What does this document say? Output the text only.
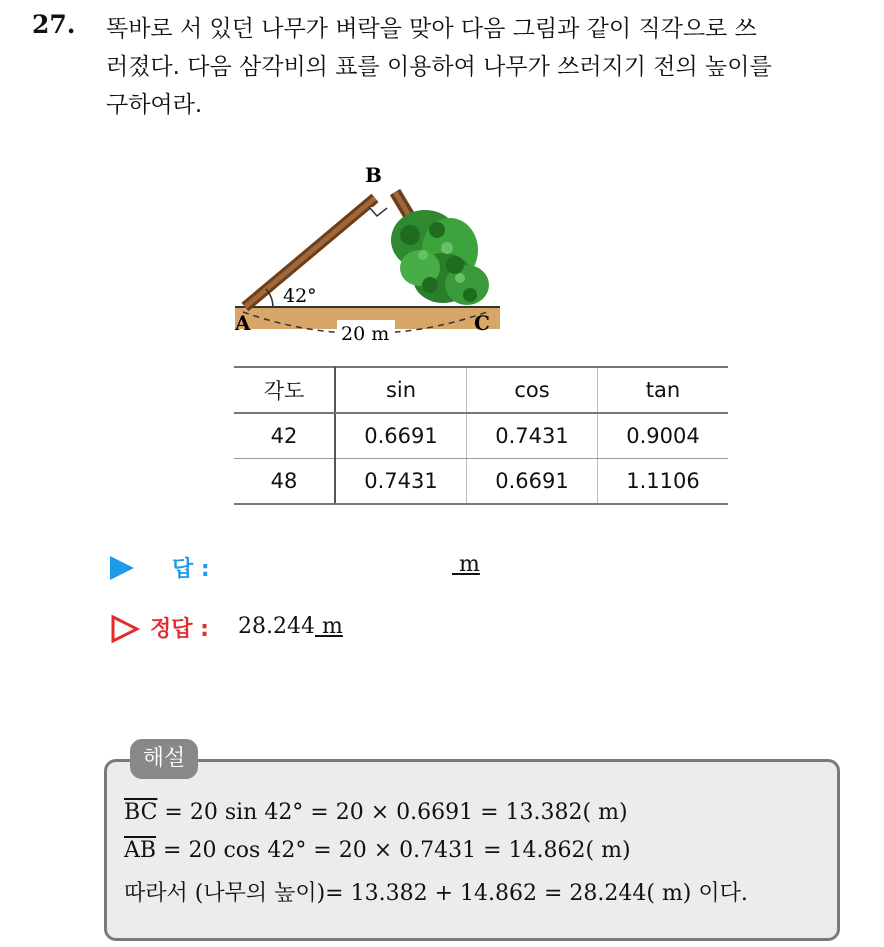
27. 똑바로 서 있던 나무가 벼락을 맞아 다음 그림과 같이 직각으로 쓰
러졌다. 다음 삼각비의 표를 이용하여 나무가 쓰러지기 전의 높이를
구하여라.
A
B
C
42°
20 m
각도	sin	cos	tan
42	0.6691	0.7431	0.9004
48	0.7431	0.6691	1.1106
답 :	m
정답 : 28.244 m
해설
$\overline{BC} = 20$ sin 42° = 20 × 0.6691 = 13.382( m)
$\overline{AB} = 20$ cos 42° = 20 × 0.7431 = 14.862( m)
따라서 (나무의 높이)= 13.382 + 14.862 = 28.244( m) 이다.
